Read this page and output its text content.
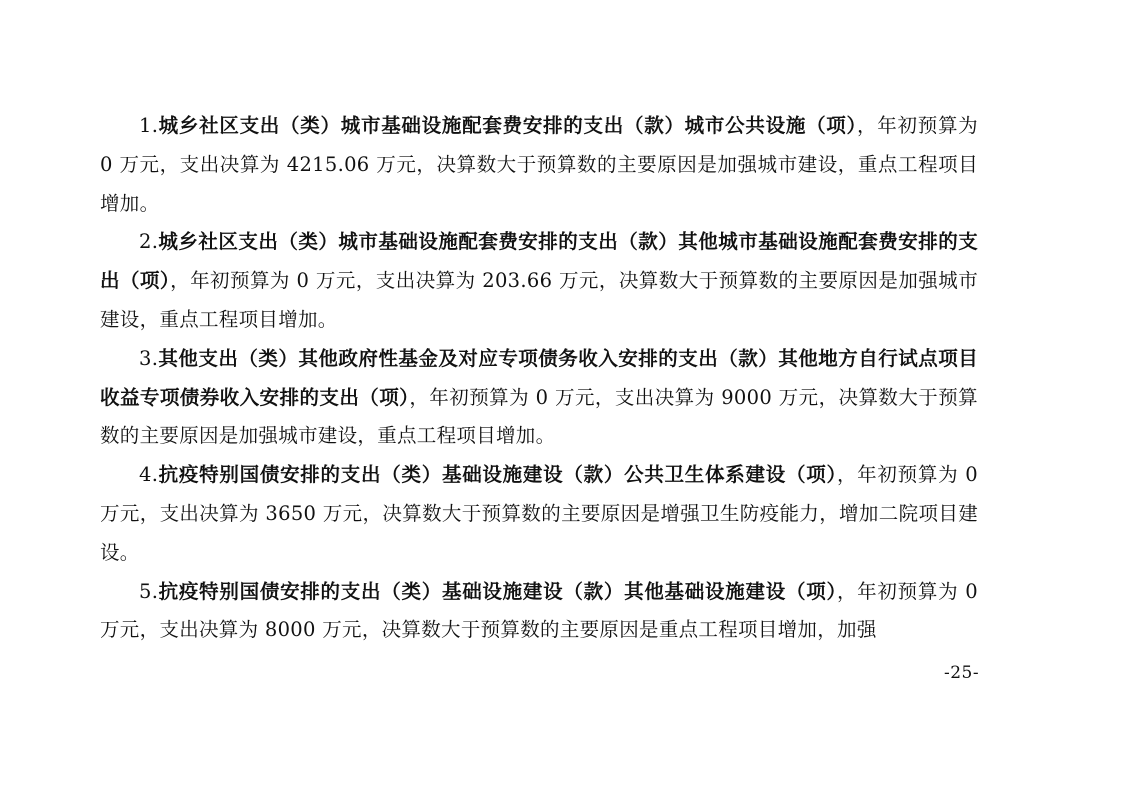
1.城乡社区支出（类）城市基础设施配套费安排的支出（款）城市公共设施（项），年初预算为 0 万元，支出决算为 4215.06 万元，决算数大于预算数的主要原因是加强城市建设，重点工程项目增加。

2.城乡社区支出（类）城市基础设施配套费安排的支出（款）其他城市基础设施配套费安排的支出（项），年初预算为 0 万元，支出决算为 203.66 万元，决算数大于预算数的主要原因是加强城市建设，重点工程项目增加。

3.其他支出（类）其他政府性基金及对应专项债务收入安排的支出（款）其他地方自行试点项目收益专项债券收入安排的支出（项），年初预算为 0 万元，支出决算为 9000 万元，决算数大于预算数的主要原因是加强城市建设，重点工程项目增加。

4.抗疫特别国债安排的支出（类）基础设施建设（款）公共卫生体系建设（项），年初预算为 0 万元，支出决算为 3650 万元，决算数大于预算数的主要原因是增强卫生防疫能力，增加二院项目建设。

5.抗疫特别国债安排的支出（类）基础设施建设（款）其他基础设施建设（项），年初预算为 0 万元，支出决算为 8000 万元，决算数大于预算数的主要原因是重点工程项目增加，加强

-25-
